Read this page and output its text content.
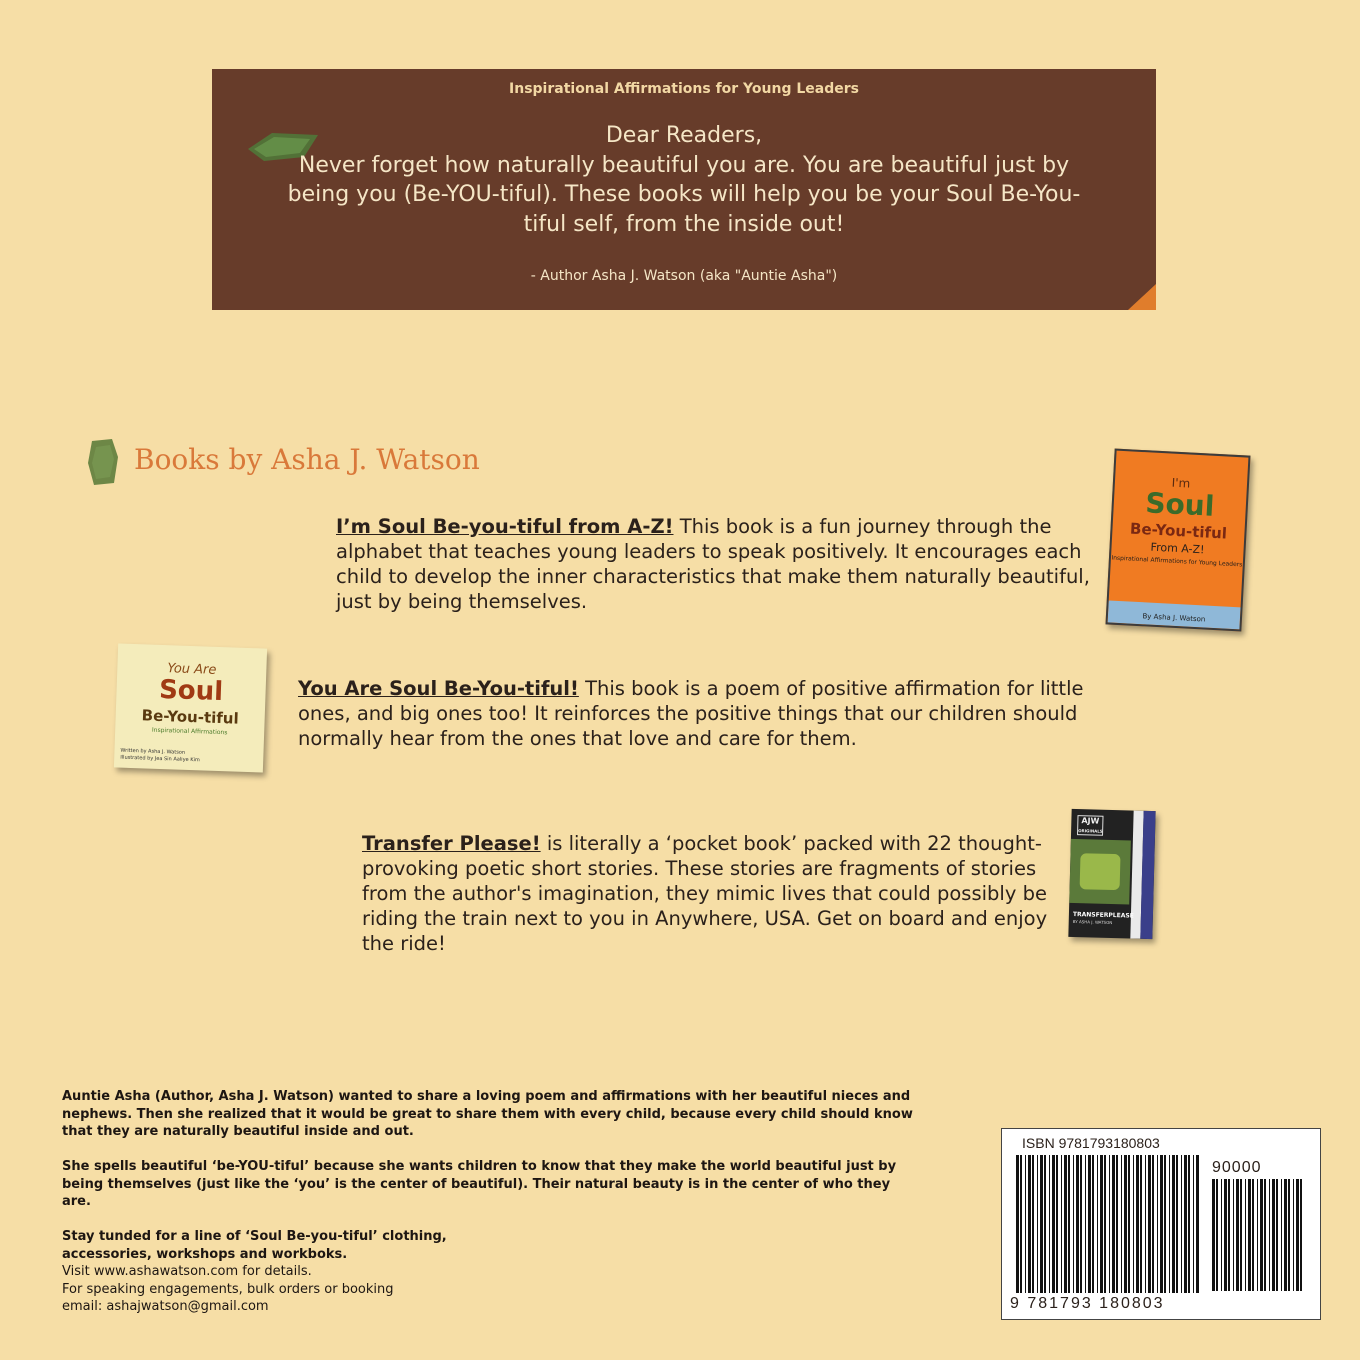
Inspirational Affirmations for Young Leaders
Dear Readers,
Never forget how naturally beautiful you are. You are beautiful just by being you (Be-YOU-tiful). These books will help you be your Soul Be-You-tiful self, from the inside out!
- Author Asha J. Watson (aka "Auntie Asha")
Books by Asha J. Watson
I’m Soul Be-you-tiful from A-Z! This book is a fun journey through the alphabet that teaches young leaders to speak positively. It encourages each child to develop the inner characteristics that make them naturally beautiful, just by being themselves.
I'm
Soul
Be-You-tiful
From A-Z!
Inspirational Affirmations for Young Leaders
By Asha J. Watson
You Are
Soul
Be-You-tiful
Inspirational Affirmations
Written by Asha J. Watson
Illustrated by Jea Sin Aaliye Kim
You Are Soul Be-You-tiful! This book is a poem of positive affirmation for little ones, and big ones too! It reinforces the positive things that our children should normally hear from the ones that love and care for them.
Transfer Please! is literally a ‘pocket book’ packed with 22 thought-provoking poetic short stories. These stories are fragments of stories from the author's imagination, they mimic lives that could possibly be riding the train next to you in Anywhere, USA. Get on board and enjoy the ride!
AJW
ORIGINALS
TRANSFERPLEASE
BY ASHA J. WATSON

Auntie Asha (Author, Asha J. Watson) wanted to share a loving poem and affirmations with her beautiful nieces and nephews. Then she realized that it would be great to share them with every child, because every child should know that they are naturally beautiful inside and out.

She spells beautiful ‘be-YOU-tiful’ because she wants children to know that they make the world beautiful just by being themselves (just like the ‘you’ is the center of beautiful). Their natural beauty is in the center of who they are.

Stay tunded for a line of ‘Soul Be-you-tiful’ clothing, accessories, workshops and workboks.
Visit www.ashawatson.com for details.
For speaking engagements, bulk orders or booking
email: ashajwatson@gmail.com
ISBN 9781793180803
90000
9 781793 180803
